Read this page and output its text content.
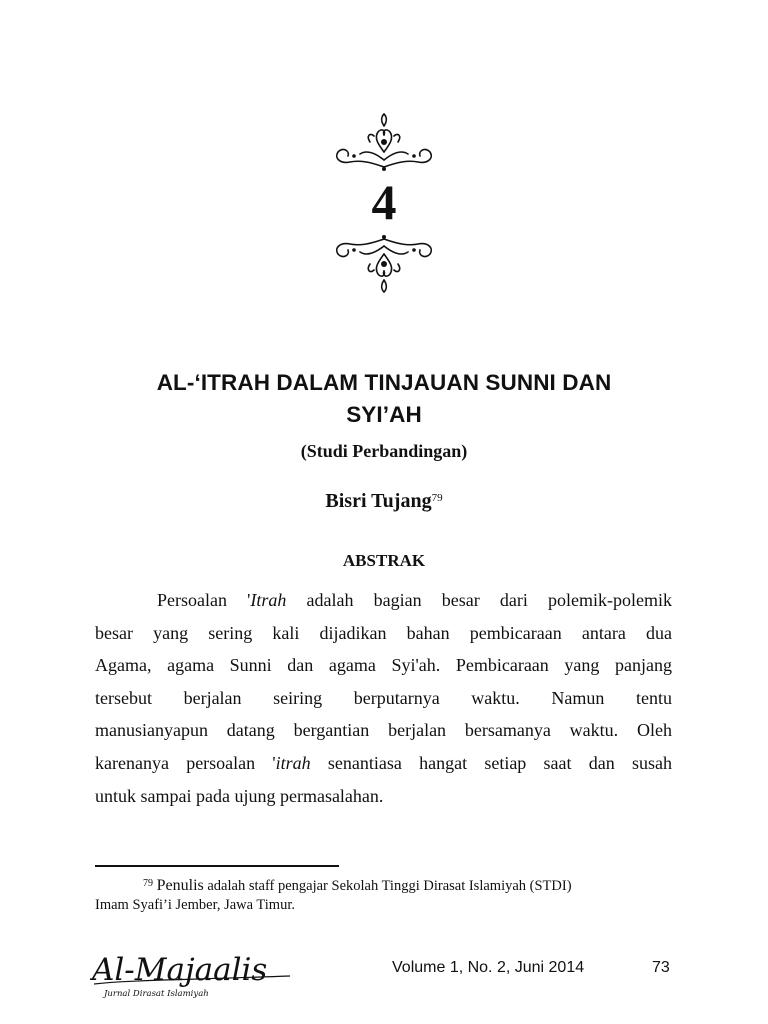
4
AL-‘ITRAH DALAM TINJAUAN SUNNI DAN
SYI’AH
(Studi Perbandingan)
Bisri Tujang$^{79}$
ABSTRAK
Persoalan 'Itrah adalah bagian besar dari polemik-polemik
besar yang sering kali dijadikan bahan pembicaraan antara dua
Agama, agama Sunni dan agama Syi'ah. Pembicaraan yang panjang
tersebut berjalan seiring berputarnya waktu. Namun tentu
manusianyapun datang bergantian berjalan bersamanya waktu. Oleh
karenanya persoalan 'itrah senantiasa hangat setiap saat dan susah
untuk sampai pada ujung permasalahan.
$^{79}$ Penulis adalah staff pengajar Sekolah Tinggi Dirasat Islamiyah (STDI)
Imam Syafi’i Jember, Jawa Timur.
Al-Majaalis
Jurnal Dirasat Islamiyah
Volume 1, No. 2, Juni 2014	73
